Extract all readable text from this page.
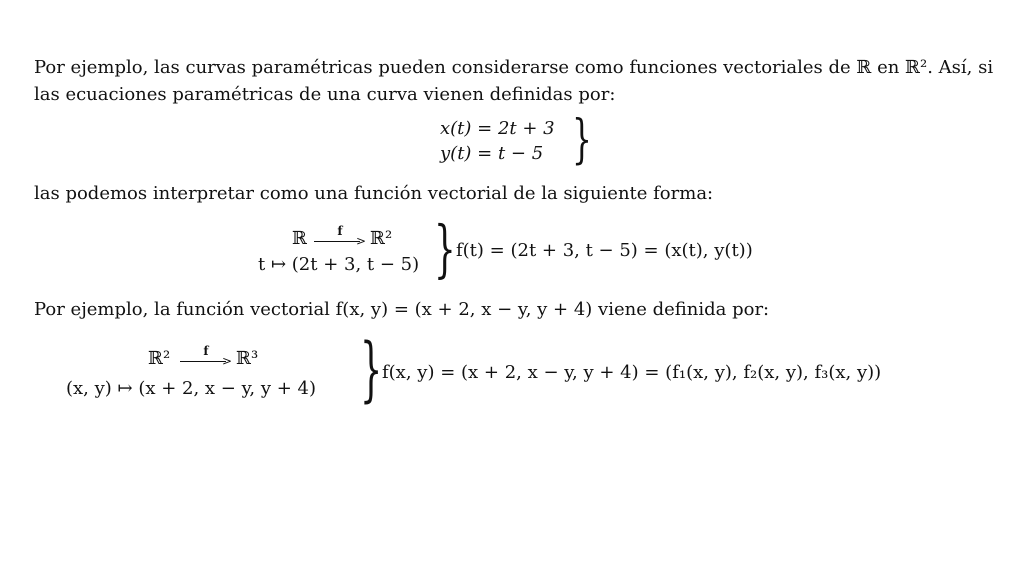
Por ejemplo, las curvas paramétricas pueden considerarse como funciones vectoriales de ℝ en ℝ². Así, si
las ecuaciones paramétricas de una curva vienen definidas por:

x(t) = 2t + 3
y(t) = t − 5 }

las podemos interpretar como una función vectorial de la siguiente forma:

ℝ	f
> ℝ²
t ↦ (2t + 3, t − 5) } f(t) = (2t + 3, t − 5) = (x(t), y(t))

Por ejemplo, la función vectorial f(x, y) = (x + 2, x − y, y + 4) viene definida por:

ℝ²	f
> ℝ³
(x, y) ↦ (x + 2, x − y, y + 4) } f(x, y) = (x + 2, x − y, y + 4) = (f₁(x, y), f₂(x, y), f₃(x, y))
